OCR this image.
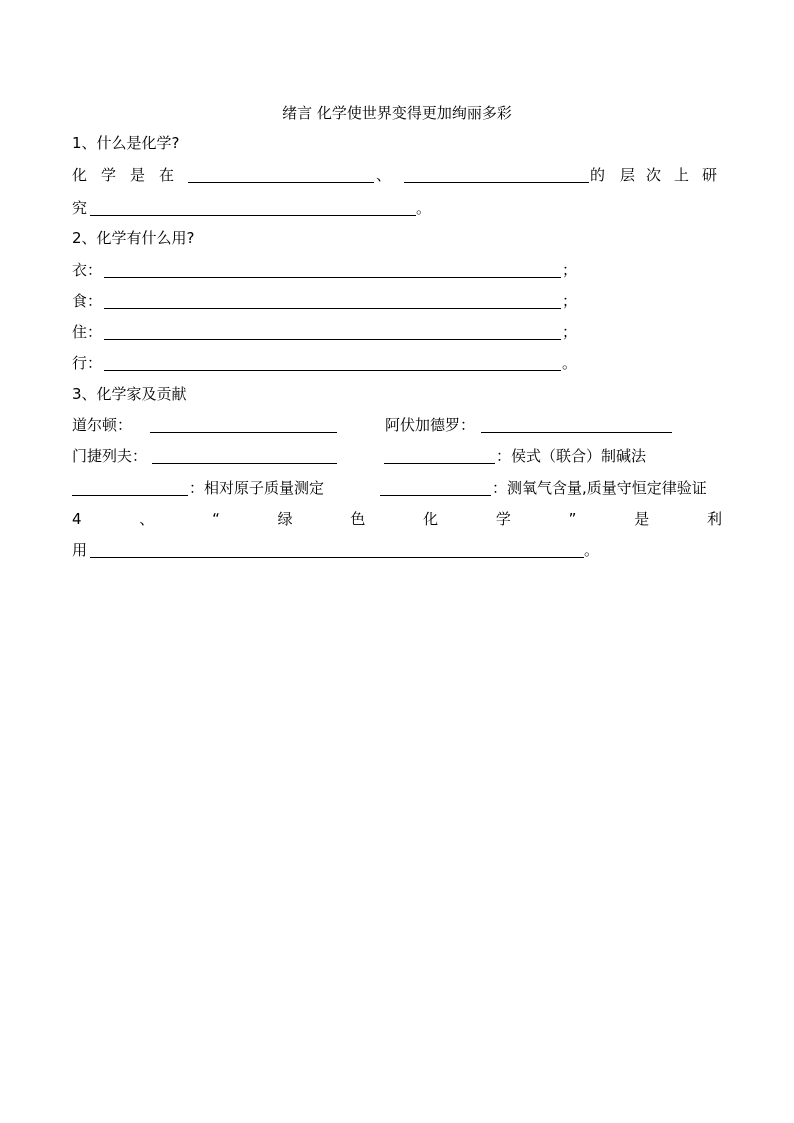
绪言 化学使世界变得更加绚丽多彩
1、什么是化学?
化 学 是 在	、	的 层 次 上 研
究	。
2、化学有什么用?
衣：	；
食：	；
住：	；
行：	。
3、化学家及贡献
道尔顿：	阿伏加德罗：
门捷列夫：	：侯式（联合）制碱法
：相对原子质量测定	：测氧气含量,质量守恒定律验证
4	、	“	绿	色	化	学	”	是	利
用	。
